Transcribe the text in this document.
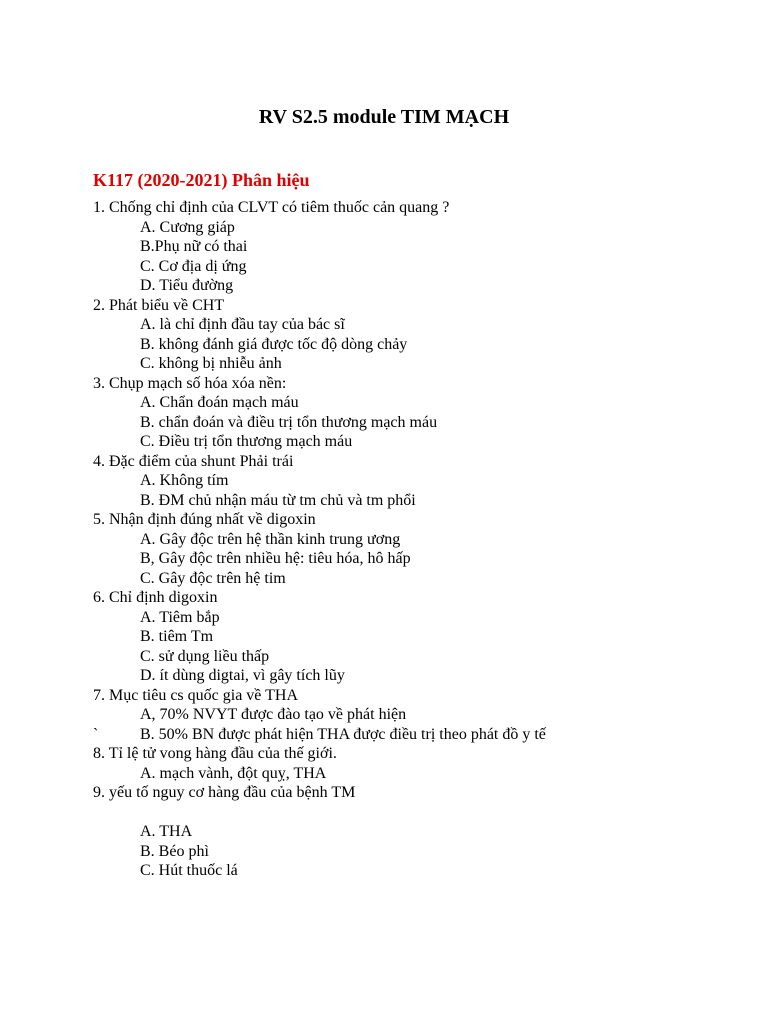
RV S2.5 module TIM MẠCH
K117 (2020-2021) Phân hiệu
1. Chống chỉ định của CLVT có tiêm thuốc cản quang ?
A. Cương giáp
B.Phụ nữ có thai
C. Cơ địa dị ứng
D. Tiểu đường
2. Phát biểu về CHT
A. là chỉ định đầu tay của bác sĩ
B. không đánh giá được tốc độ dòng chảy
C. không bị nhiễu ảnh
3. Chụp mạch số hóa xóa nền:
A. Chẩn đoán mạch máu
B. chẩn đoán và điều trị tổn thương mạch máu
C. Điều trị tổn thương mạch máu
4. Đặc điểm của shunt Phải trái
A. Không tím
B. ĐM chủ nhận máu từ tm chủ và tm phổi
5. Nhận định đúng nhất về digoxin
A. Gây độc trên hệ thần kinh trung ương
B, Gây độc trên nhiều hệ: tiêu hóa, hô hấp
C. Gây độc trên hệ tim
6. Chỉ định digoxin
A. Tiêm bắp
B. tiêm Tm
C. sử dụng liều thấp
D. ít dùng digtai, vì gây tích lũy
7. Mục tiêu cs quốc gia về THA
A, 70% NVYT được đào tạo về phát hiện
`	B. 50% BN được phát hiện THA được điều trị theo phát đồ y tế
8. Tỉ lệ tử vong hàng đầu của thế giới.
A. mạch vành, đột quỵ, THA
9. yếu tố nguy cơ hàng đầu của bệnh TM
A. THA
B. Béo phì
C. Hút thuốc lá
